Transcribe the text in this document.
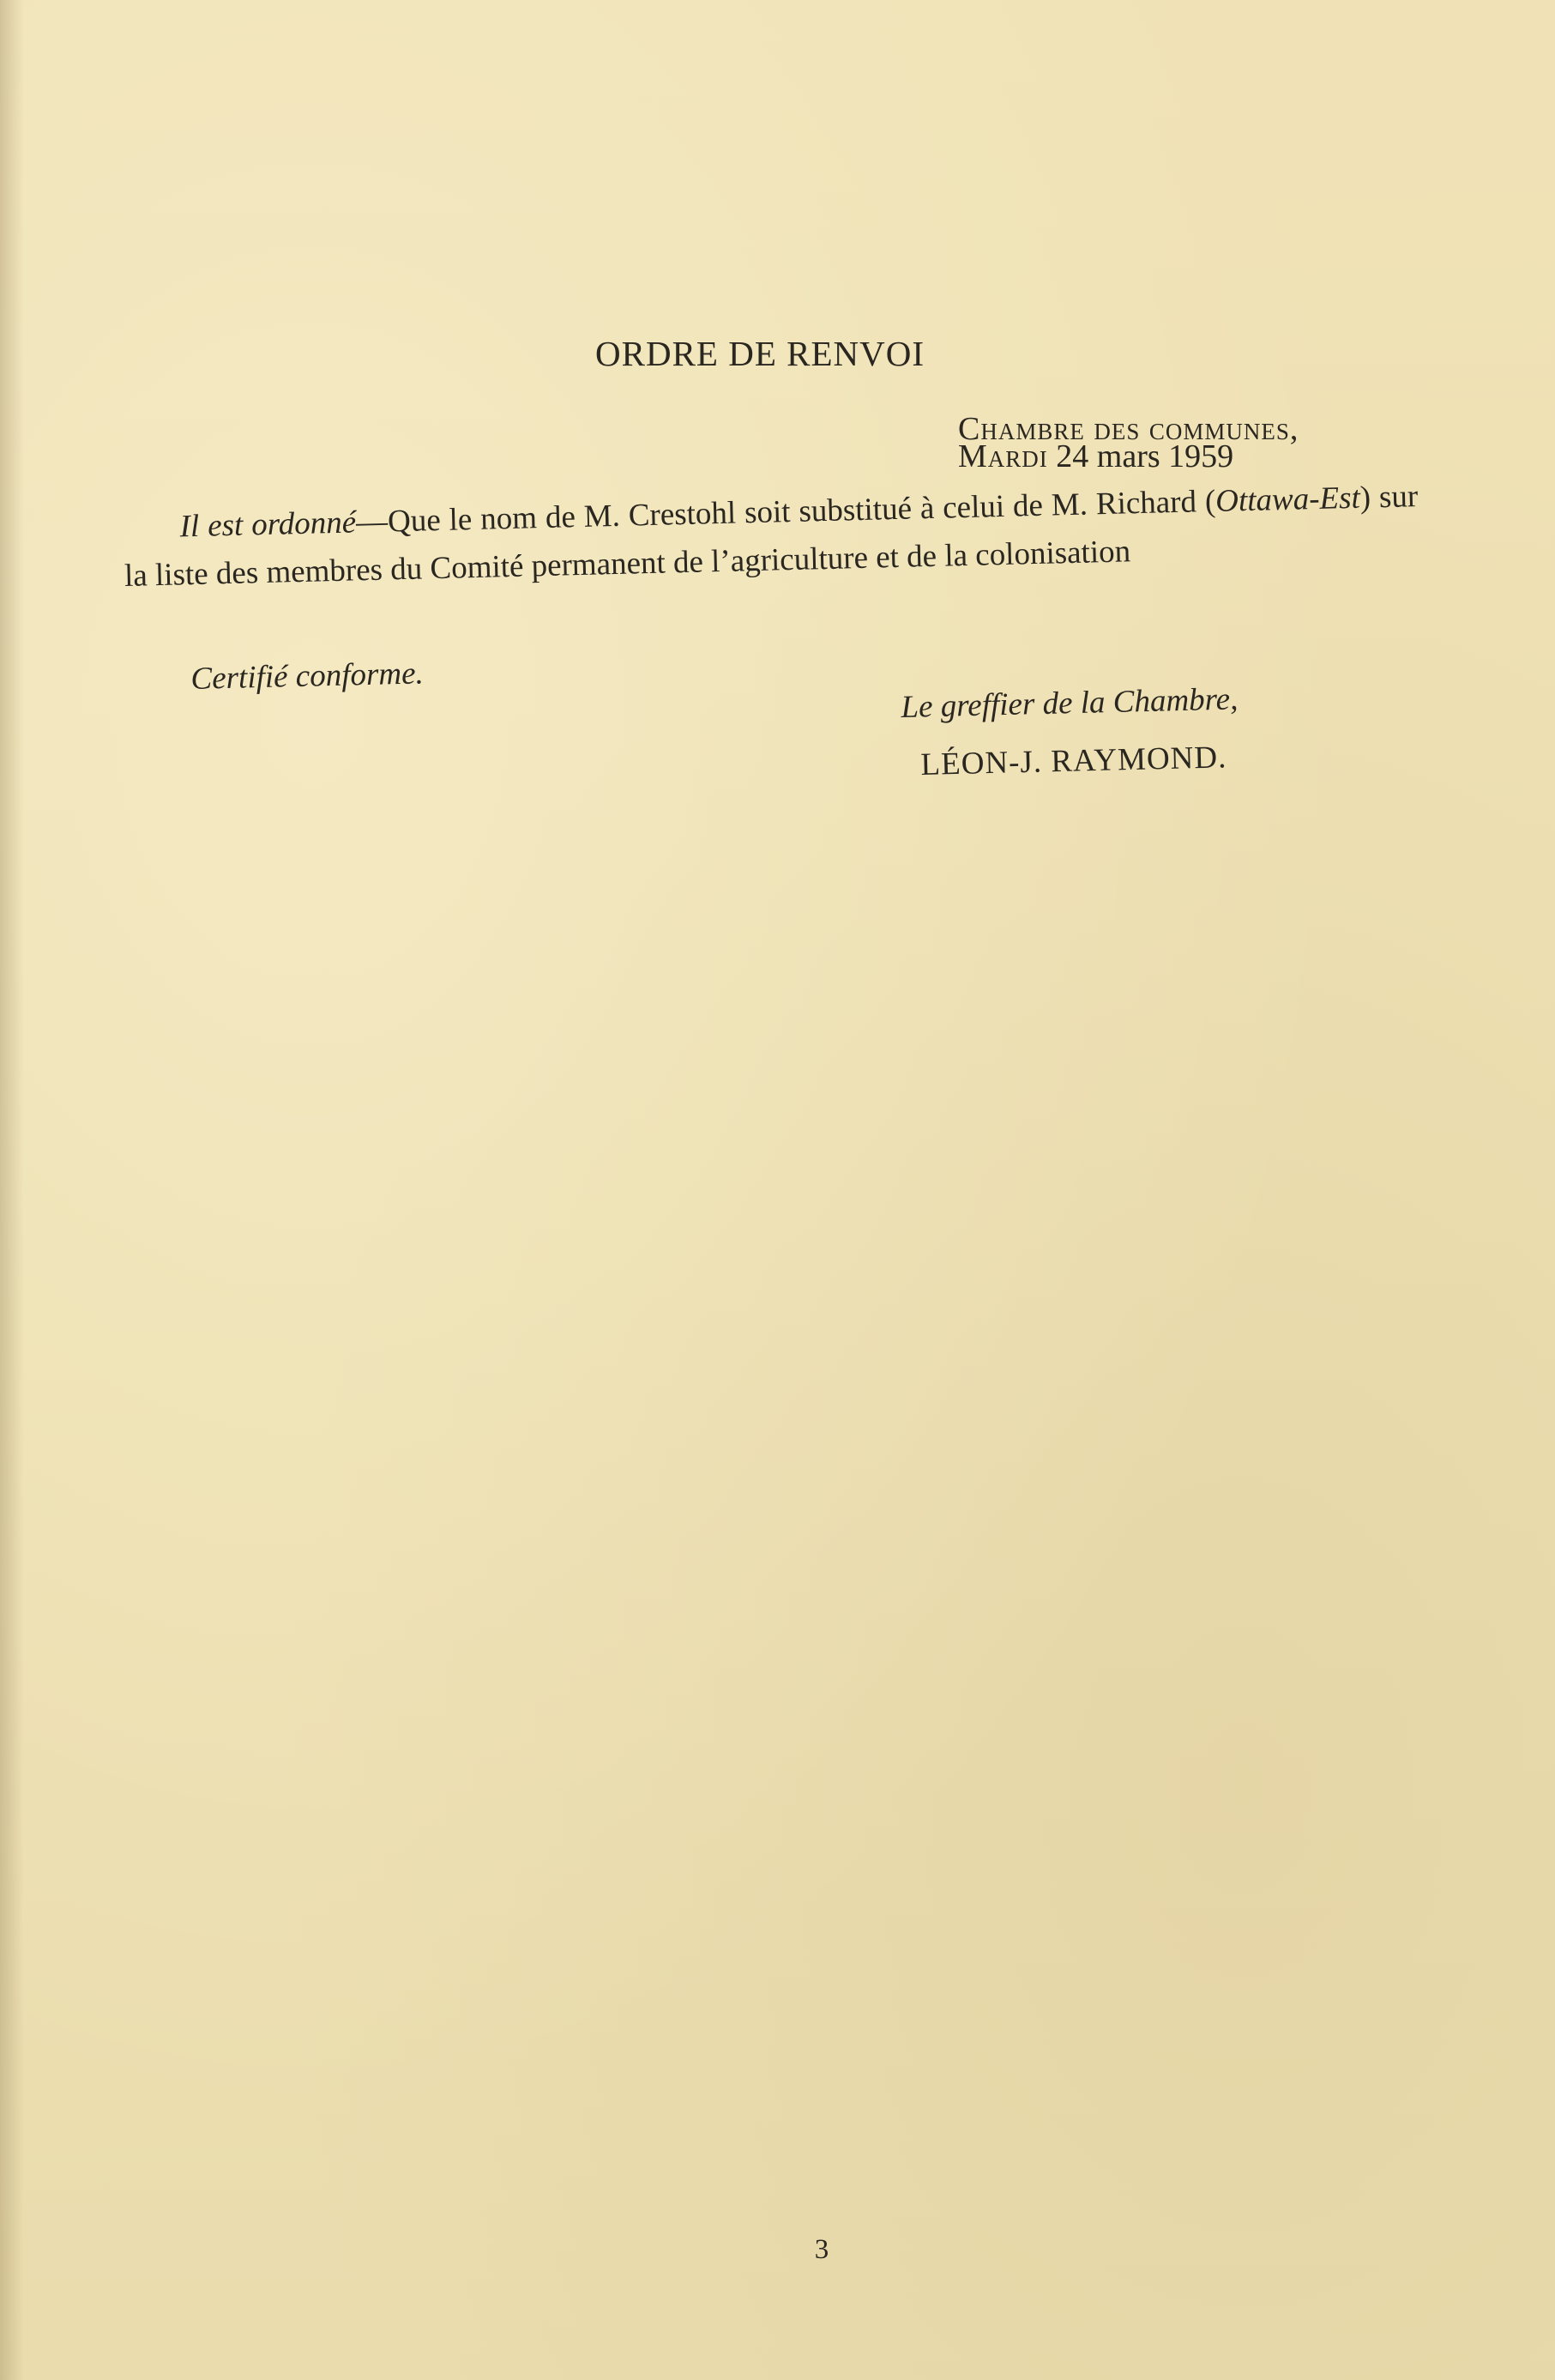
ORDRE DE RENVOI
Chambre des communes,
Mardi 24 mars 1959
Il est ordonné—Que le nom de M. Crestohl soit substitué à celui de M. Richard (Ottawa-Est) sur la liste des membres du Comité permanent de l’agriculture et de la colonisation
Certifié conforme.
Le greffier de la Chambre,
LÉON-J. RAYMOND.
3
